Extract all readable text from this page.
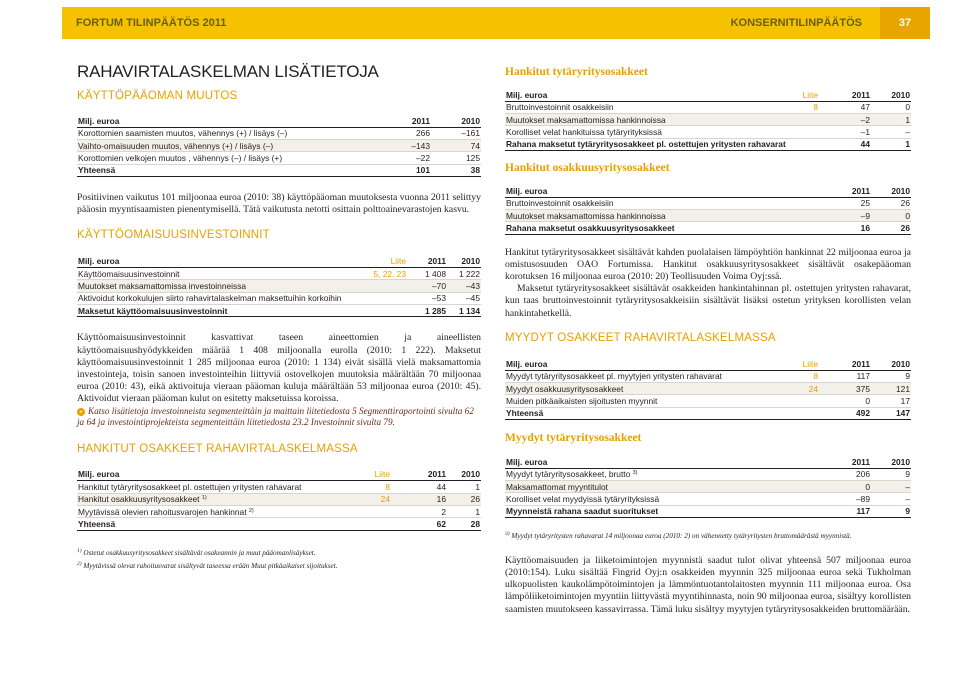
FORTUM TILINPÄÄTÖS 2011	KONSERNITILINPÄÄTÖS	37
RAHAVIRTALASKELMAN LISÄTIETOJA
KÄYTTÖPÄÄOMAN MUUTOS
Milj. euroa	2011	2010
Korottomien saamisten muutos, vähennys (+) / lisäys (–)	266	–161
Vaihto-omaisuuden muutos, vähennys (+) / lisäys (–)	–143	74
Korottomien velkojen muutos , vähennys (–) / lisäys (+)	–22	125
Yhteensä	101	38

Positiivinen vaikutus 101 miljoonaa euroa (2010: 38) käyttöpääoman muutoksesta vuonna 2011 selittyy pääosin myyntisaamisten pienentymisellä. Tätä vaikutusta netotti osittain polttoainevarastojen kasvu.

KÄYTTÖOMAISUUSINVESTOINNIT
Milj. euroa	Liite	2011	2010
Käyttöomaisuusinvestoinnit	5, 22, 23	1 408	1 222
Muutokset maksamattomissa investoinneissa		–70	–43
Aktivoidut korkokulujen siirto rahavirtalaskelman maksettuihin korkoihin		–53	–45
Maksetut käyttöomaisuusinvestoinnit		1 285	1 134

Käyttöomaisuusinvestoinnit kasvattivat taseen aineettomien ja aineellisten käyttöomaisuushyödykkeiden määrää 1 408 miljoonalla eurolla (2010: 1 222). Maksetut käyttöomaisuusinvestoinnit 1 285 miljoonaa euroa (2010: 1 134) eivät sisällä vielä maksamattomia investointeja, toisin sanoen investointeihin liittyviä ostovelkojen muutoksia määrältään 70 miljoonaa euroa (2010: 43), eikä aktivoituja vieraan pääoman kuluja määrältään 53 miljoonaa euroa (2010: 45). Aktivoidut vieraan pääoman kulut on esitetty maksetuissa koroissa.

+ Katso lisätietoja investoinneista segmenteittäin ja maittain liitetiedosta 5 Segmenttiraportointi sivulta 62 ja 64 ja investointiprojekteista segmenteittäin liitetiedosta 23.2 Investoinnit sivulta 79.

HANKITUT OSAKKEET RAHAVIRTALASKELMASSA
Milj. euroa	Liite	2011	2010
Hankitut tytäryritysosakkeet pl. ostettujen yritysten rahavarat	8	44	1
Hankitut osakkuusyritysosakkeet $^{1)}$	24	16	26
Myytävissä olevien rahoitusvarojen hankinnat $^{2)}$		2	1
Yhteensä		62	28

$^{1)}$ Ostetut osakkuusyritysosakkeet sisältävät osakeannin ja muut pääomanlisäykset.

$^{2)}$ Myytävissä olevat rahoitusvarat sisältyvät taseessa erään Muut pitkäaikaiset sijoitukset.

Hankitut tytäryritysosakkeet
Milj. euroa	Liite	2011	2010
Bruttoinvestoinnit osakkeisiin	8	47	0
Muutokset maksamattomissa hankinnoissa		–2	1
Korolliset velat hankituissa tytäryrityksissä		–1	–
Rahana maksetut tytäryritysosakkeet pl. ostettujen yritysten rahavarat		44	1
Hankitut osakkuusyritysosakkeet
Milj. euroa	2011	2010
Bruttoinvestoinnit osakkeisiin	25	26
Muutokset maksamattomissa hankinnoissa	–9	0
Rahana maksetut osakkuusyritysosakkeet	16	26

Hankitut tytäryritysosakkeet sisältävät kahden puolalaisen lämpöyhtiön hankinnat 22 miljoonaa euroa ja omistusosuuden OAO Fortumissa. Hankitut osakkuusyritysosakkeet sisältävät osakepääoman korotuksen 16 miljoonaa euroa (2010: 20) Teollisuuden Voima Oyj:ssä.

Maksetut tytäryritysosakkeet sisältävät osakkeiden hankintahinnan pl. ostettujen yritysten rahavarat, kun taas bruttoinvestoinnit tytäryritysosakkeisiin sisältävät lisäksi ostetun yrityksen korollisten velan hankintahetkellä.

MYYDYT OSAKKEET RAHAVIRTALASKELMASSA
Milj. euroa	Liite	2011	2010
Myydyt tytäryritysosakkeet pl. myytyjen yritysten rahavarat	8	117	9
Myydyt osakkuusyritysosakkeet	24	375	121
Muiden pitkäaikaisten sijoitusten myynnit		0	17
Yhteensä		492	147
Myydyt tytäryritysosakkeet
Milj. euroa	2011	2010
Myydyt tytäryritysosakkeet, brutto $^{3)}$	206	9
Maksamattomat myyntitulot	0	–
Korolliset velat myydyissä tytäryrityksissä	–89	–
Myynneistä rahana saadut suoritukset	117	9

$^{3)}$ Myydyt tytäryritysten rahavarat 14 miljoonaa euroa (2010: 2) on vähennetty tytäryritysten bruttomäärästä myynnistä.

Käyttöomaisuuden ja liiketoimintojen myynnistä saadut tulot olivat yhteensä 507 miljoonaa euroa (2010:154). Luku sisältää Fingrid Oyj:n osakkeiden myynnin 325 miljoonaa euroa sekä Tukholman ulkopuolisten kaukolämpötoimintojen ja lämmöntuotantolaitosten myynnin 111 miljoonaa euroa. Osa lämpöliiketoimintojen myyntiin liittyvästä myyntihinnasta, noin 90 miljoonaa euroa, sisältyy korollisten saamisten muutokseen kassavirrassa. Tämä luku sisältyy myytyjen tytäryritysosakkeiden bruttomäärään.
